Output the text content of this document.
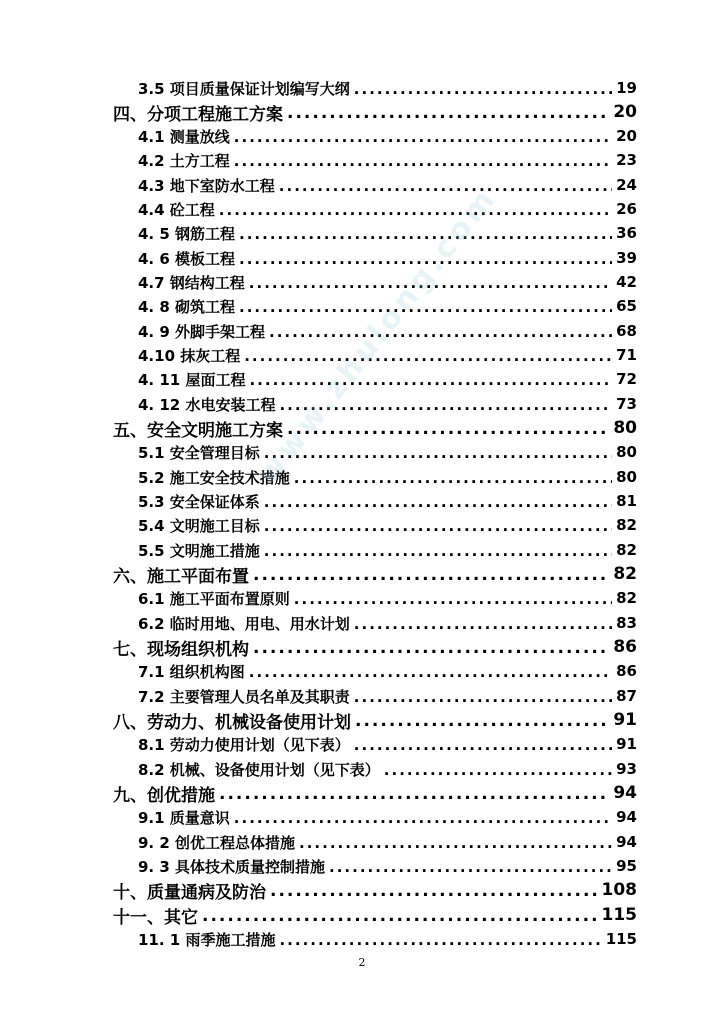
3.5 项目质量保证计划编写大纲 .....	19
四、分项工程施工方案 .....	20
4.1 测量放线 .....	20
4.2 土方工程 .....	23
4.3 地下室防水工程 .....	24
4.4 砼工程 .....	26
4. 5 钢筋工程 .....	36
4. 6 模板工程 .....	39
4.7 钢结构工程 .....	42
4. 8 砌筑工程 .....	65
4. 9 外脚手架工程 .....	68
4.10 抹灰工程 .....	71
4. 11 屋面工程 .....	72
4. 12 水电安装工程 .....	73
五、安全文明施工方案 .....	80
5.1 安全管理目标 .....	80
5.2 施工安全技术措施 .....	80
5.3 安全保证体系 .....	81
5.4 文明施工目标 .....	82
5.5 文明施工措施 .....	82
六、施工平面布置 .....	82
6.1 施工平面布置原则 .....	82
6.2 临时用地、用电、用水计划 .....	83
七、现场组织机构 .....	86
7.1 组织机构图 .....	86
7.2 主要管理人员名单及其职责 .....	87
八、劳动力、机械设备使用计划 .....	91
8.1 劳动力使用计划（见下表） .....	91
8.2 机械、设备使用计划（见下表） .....	93
九、创优措施 .....	94
9.1 质量意识 .....	94
9. 2 创优工程总体措施 .....	94
9. 3 具体技术质量控制措施 .....	95
十、质量通病及防治 .....	108
十一、其它 .....	115
11. 1 雨季施工措施 .....	115
www.zhulong.com
2
